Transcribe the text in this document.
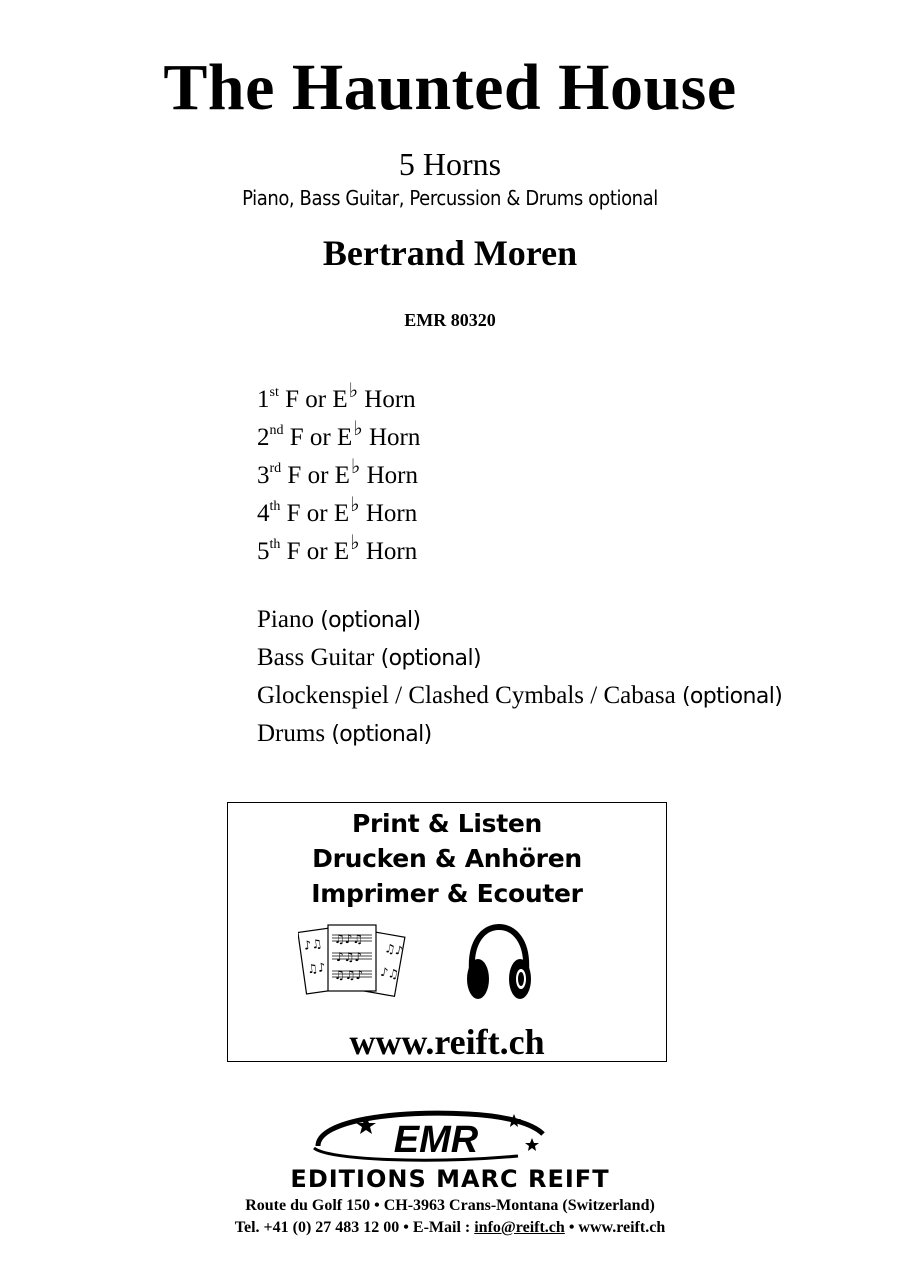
The Haunted House
5 Horns
Piano, Bass Guitar, Percussion & Drums optional
Bertrand Moren
EMR 80320
1st F or E♭ Horn
2nd F or E♭ Horn
3rd F or E♭ Horn
4th F or E♭ Horn
5th F or E♭ Horn
Piano (optional)
Bass Guitar (optional)
Glockenspiel / Clashed Cymbals / Cabasa (optional)
Drums (optional)
Print & Listen
Drucken & Anhören
Imprimer & Ecouter
♫♪♫
♪♫♪
♫♫♪
♪♫
♫♪
♫♪
♪♫
www.reift.ch
EMR
EDITIONS MARC REIFT
Route du Golf 150 • CH-3963 Crans-Montana (Switzerland)
Tel. +41 (0) 27 483 12 00 • E-Mail : info@reift.ch • www.reift.ch
